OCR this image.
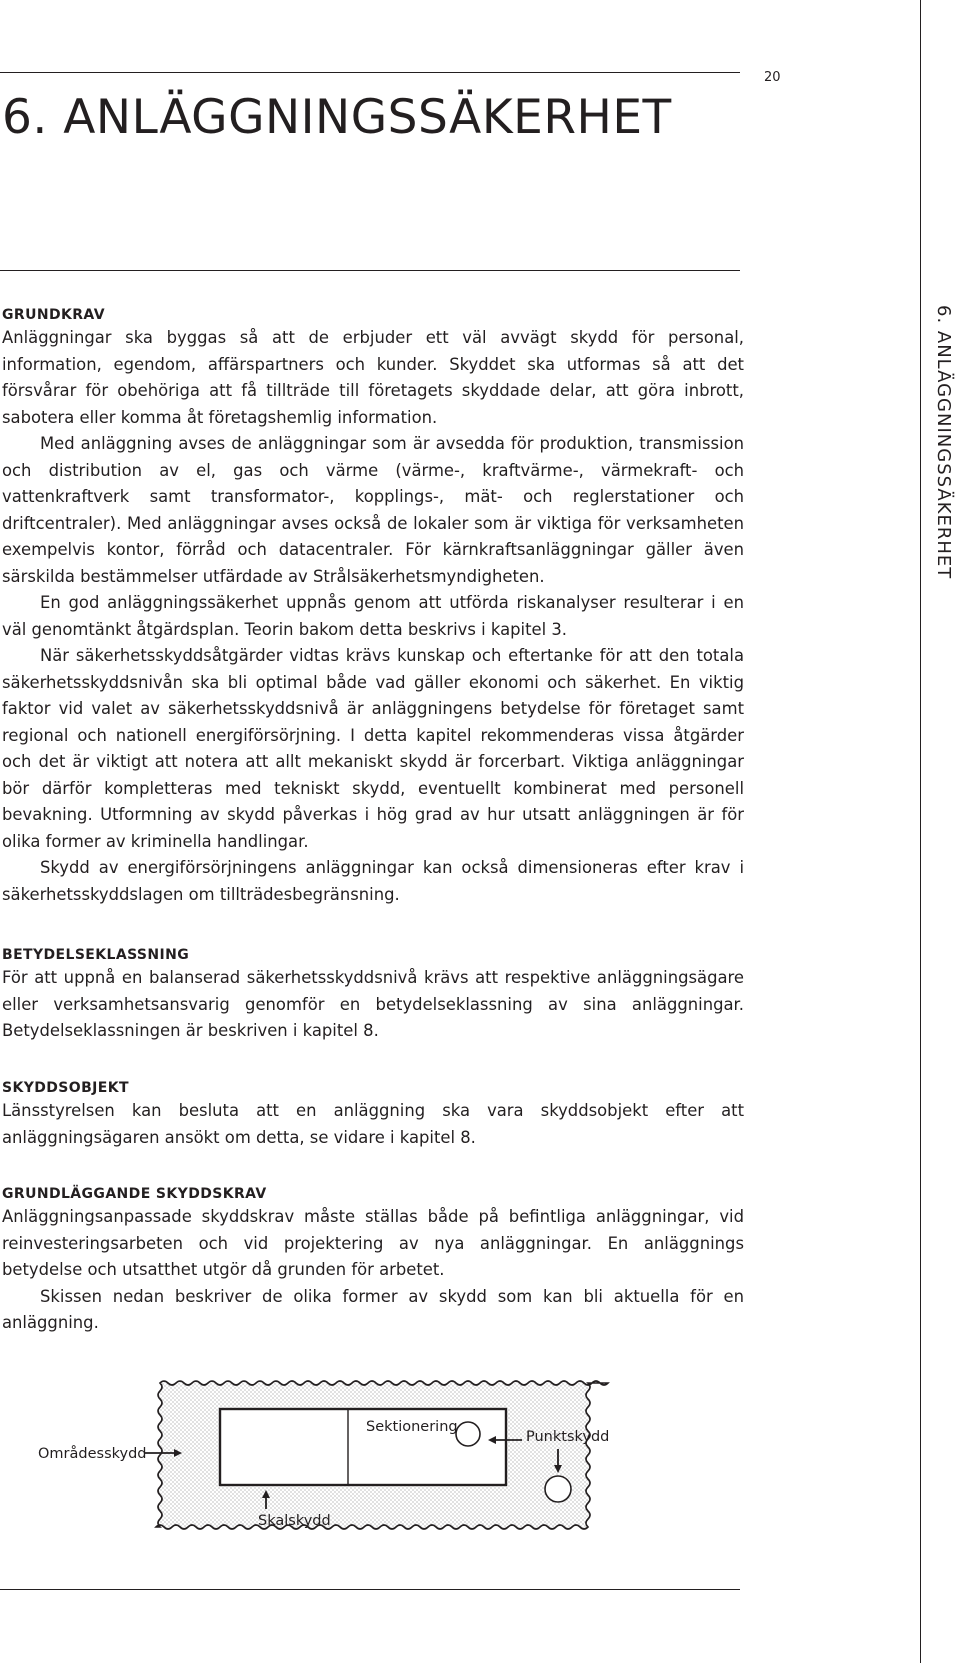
20
6. ANLÄGGNINGSSÄKERHET
6. ANLÄGGNINGSSÄKERHET
GRUNDKRAV

Anläggningar ska byggas så att de erbjuder ett väl avvägt skydd för personal, information, egendom, affärspartners och kunder. Skyddet ska utformas så att det försvårar för obehöriga att få tillträde till företagets skyddade delar, att göra inbrott, sabotera eller komma åt företagshemlig information.

Med anläggning avses de anläggningar som är avsedda för produktion, transmission och distribution av el, gas och värme (värme-, kraftvärme-, värmekraft- och vattenkraftverk samt transformator-, kopplings-, mät- och reglerstationer och driftcentraler). Med anläggningar avses också de lokaler som är viktiga för verksamheten exempelvis kontor, förråd och datacentraler. För kärnkraftsanläggningar gäller även särskilda bestämmelser utfärdade av Strålsäkerhetsmyndigheten.

En god anläggningssäkerhet uppnås genom att utförda riskanalyser resulterar i en väl genomtänkt åtgärdsplan. Teorin bakom detta beskrivs i kapitel 3.

När säkerhetsskyddsåtgärder vidtas krävs kunskap och eftertanke för att den totala säkerhetsskyddsnivån ska bli optimal både vad gäller ekonomi och säkerhet. En viktig faktor vid valet av säkerhetsskyddsnivå är anläggningens betydelse för företaget samt regional och nationell energiförsörjning. I detta kapitel rekommenderas vissa åtgärder och det är viktigt att notera att allt mekaniskt skydd är forcerbart. Viktiga anläggningar bör därför kompletteras med tekniskt skydd, eventuellt kombinerat med personell bevakning. Utformning av skydd påverkas i hög grad av hur utsatt anläggningen är för olika former av kriminella handlingar.

Skydd av energiförsörjningens anläggningar kan också dimensioneras efter krav i säkerhetsskyddslagen om tillträdesbegränsning.

BETYDELSEKLASSNING

För att uppnå en balanserad säkerhetsskyddsnivå krävs att respektive anläggningsägare eller verksamhetsansvarig genomför en betydelseklassning av sina anläggningar. Betydelseklassningen är beskriven i kapitel 8.

SKYDDSOBJEKT

Länsstyrelsen kan besluta att en anläggning ska vara skyddsobjekt efter att anläggningsägaren ansökt om detta, se vidare i kapitel 8.

GRUNDLÄGGANDE SKYDDSKRAV

Anläggningsanpassade skyddskrav måste ställas både på befintliga anläggningar, vid reinvesteringsarbeten och vid projektering av nya anläggningar. En anläggnings betydelse och utsatthet utgör då grunden för arbetet.

Skissen nedan beskriver de olika former av skydd som kan bli aktuella för en anläggning.

Områdesskydd
Sektionering
Punktskydd
Skalskydd
